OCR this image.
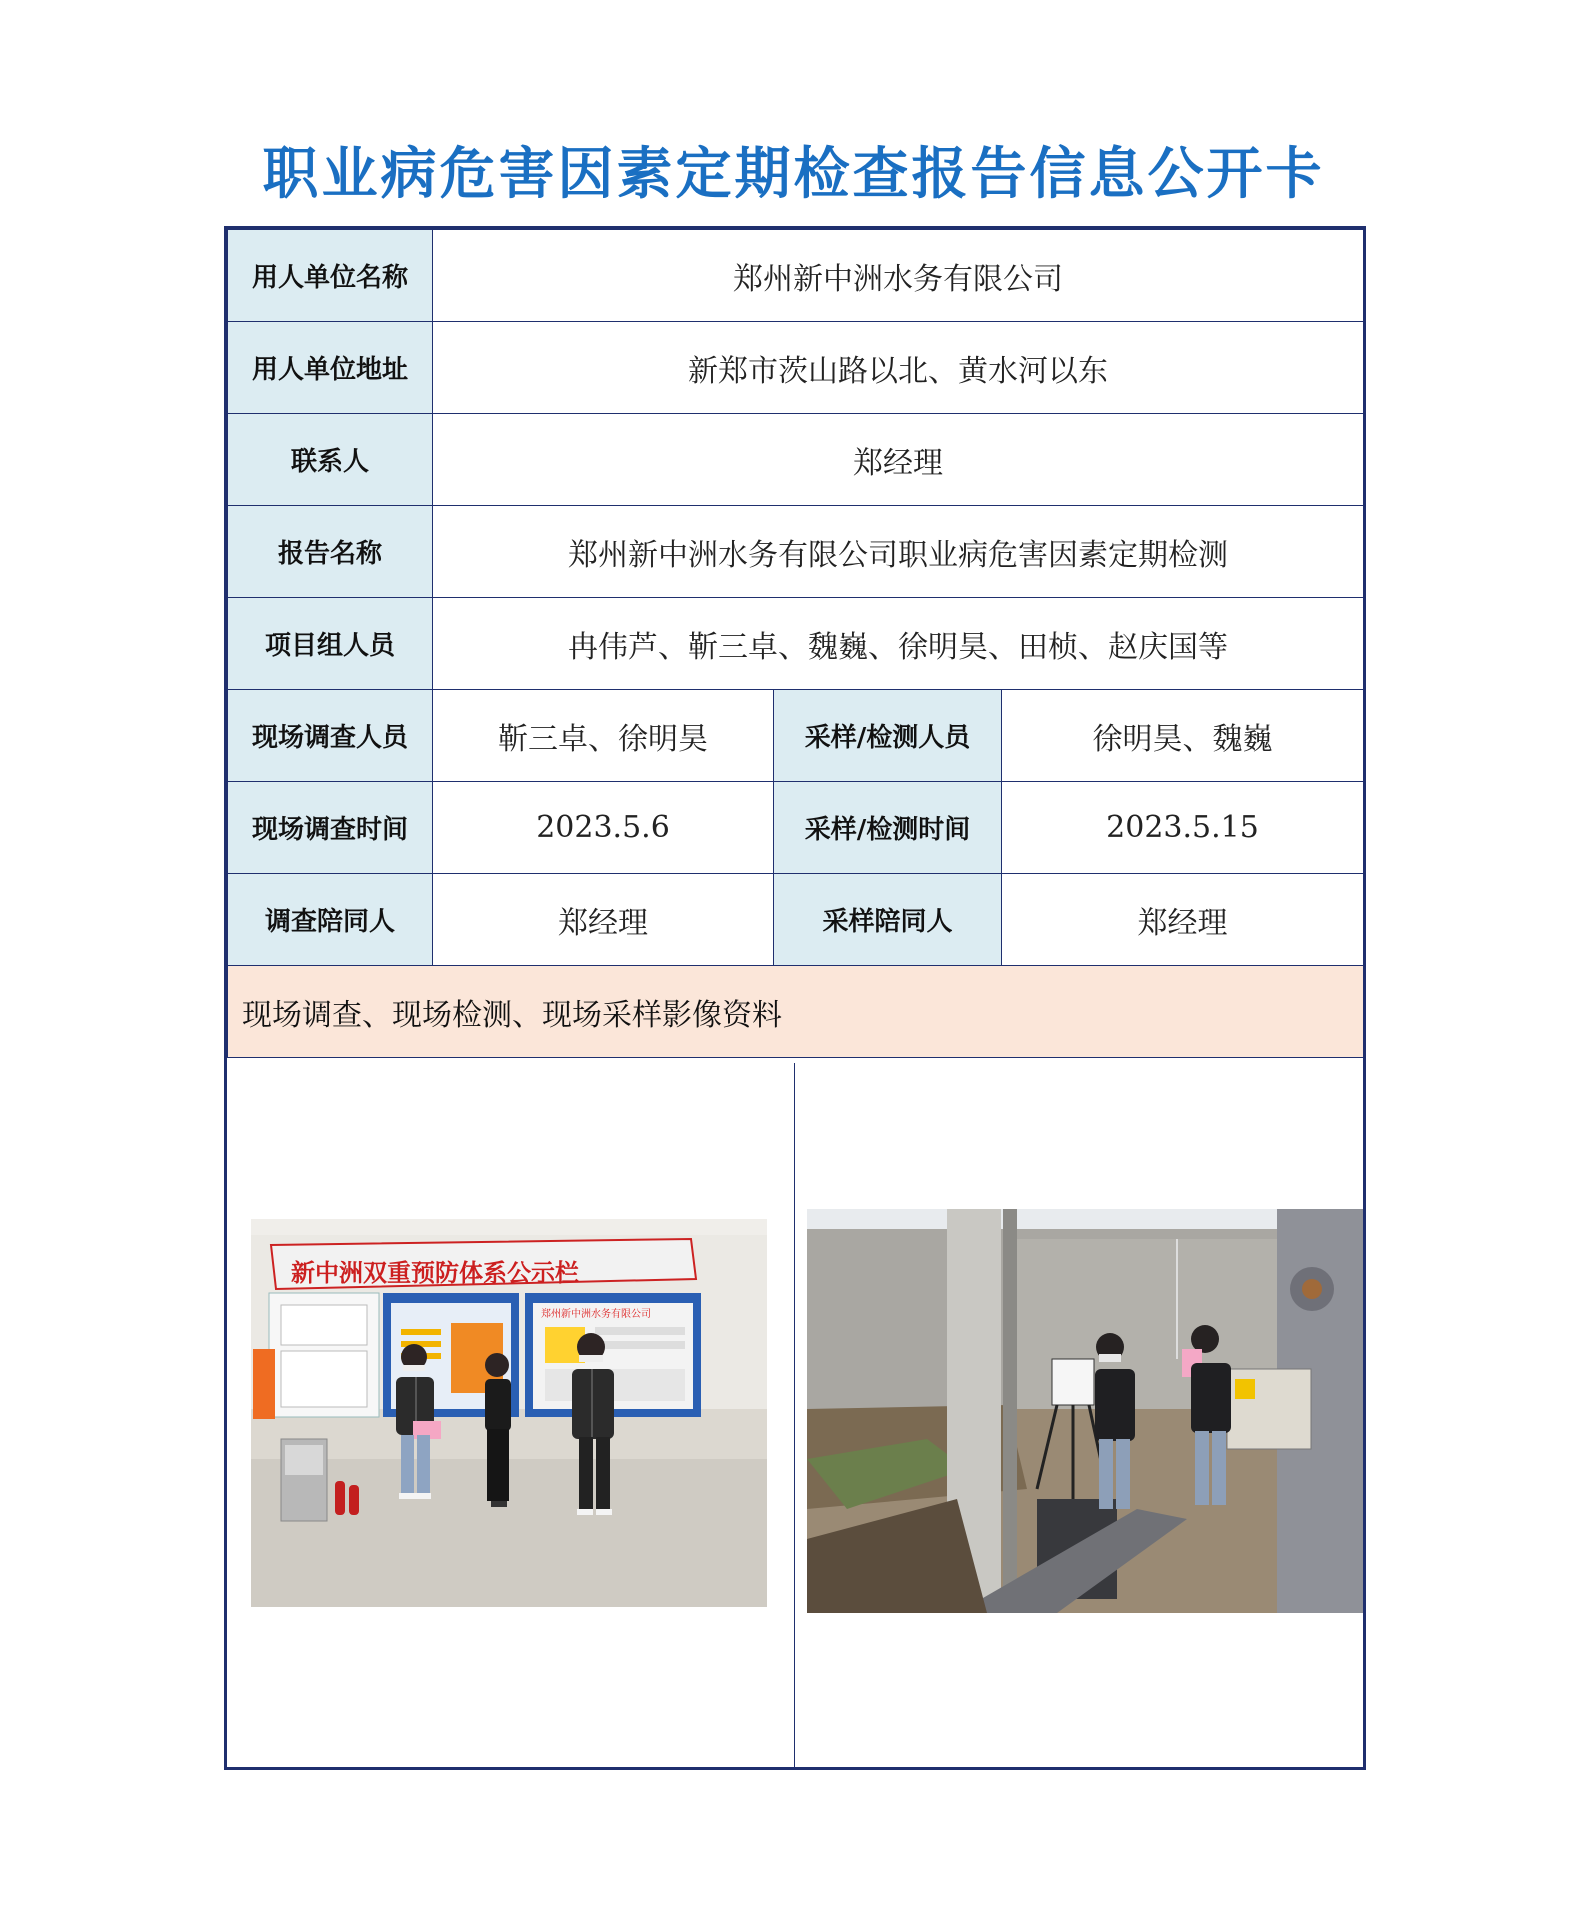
职业病危害因素定期检查报告信息公开卡
用人单位名称	郑州新中洲水务有限公司		
用人单位地址	新郑市茨山路以北、黄水河以东		
联系人	郑经理		
报告名称	郑州新中洲水务有限公司职业病危害因素定期检测		
项目组人员	冉伟芦、靳三卓、魏巍、徐明昊、田桢、赵庆国等		
现场调查人员	靳三卓、徐明昊	采样/检测人员	徐明昊、魏巍
现场调查时间	2023.5.6	采样/检测时间	2023.5.15
调查陪同人	郑经理	采样陪同人	郑经理
现场调查、现场检测、现场采样影像资料			
新中洲双重预防体系公示栏
郑州新中洲水务有限公司
